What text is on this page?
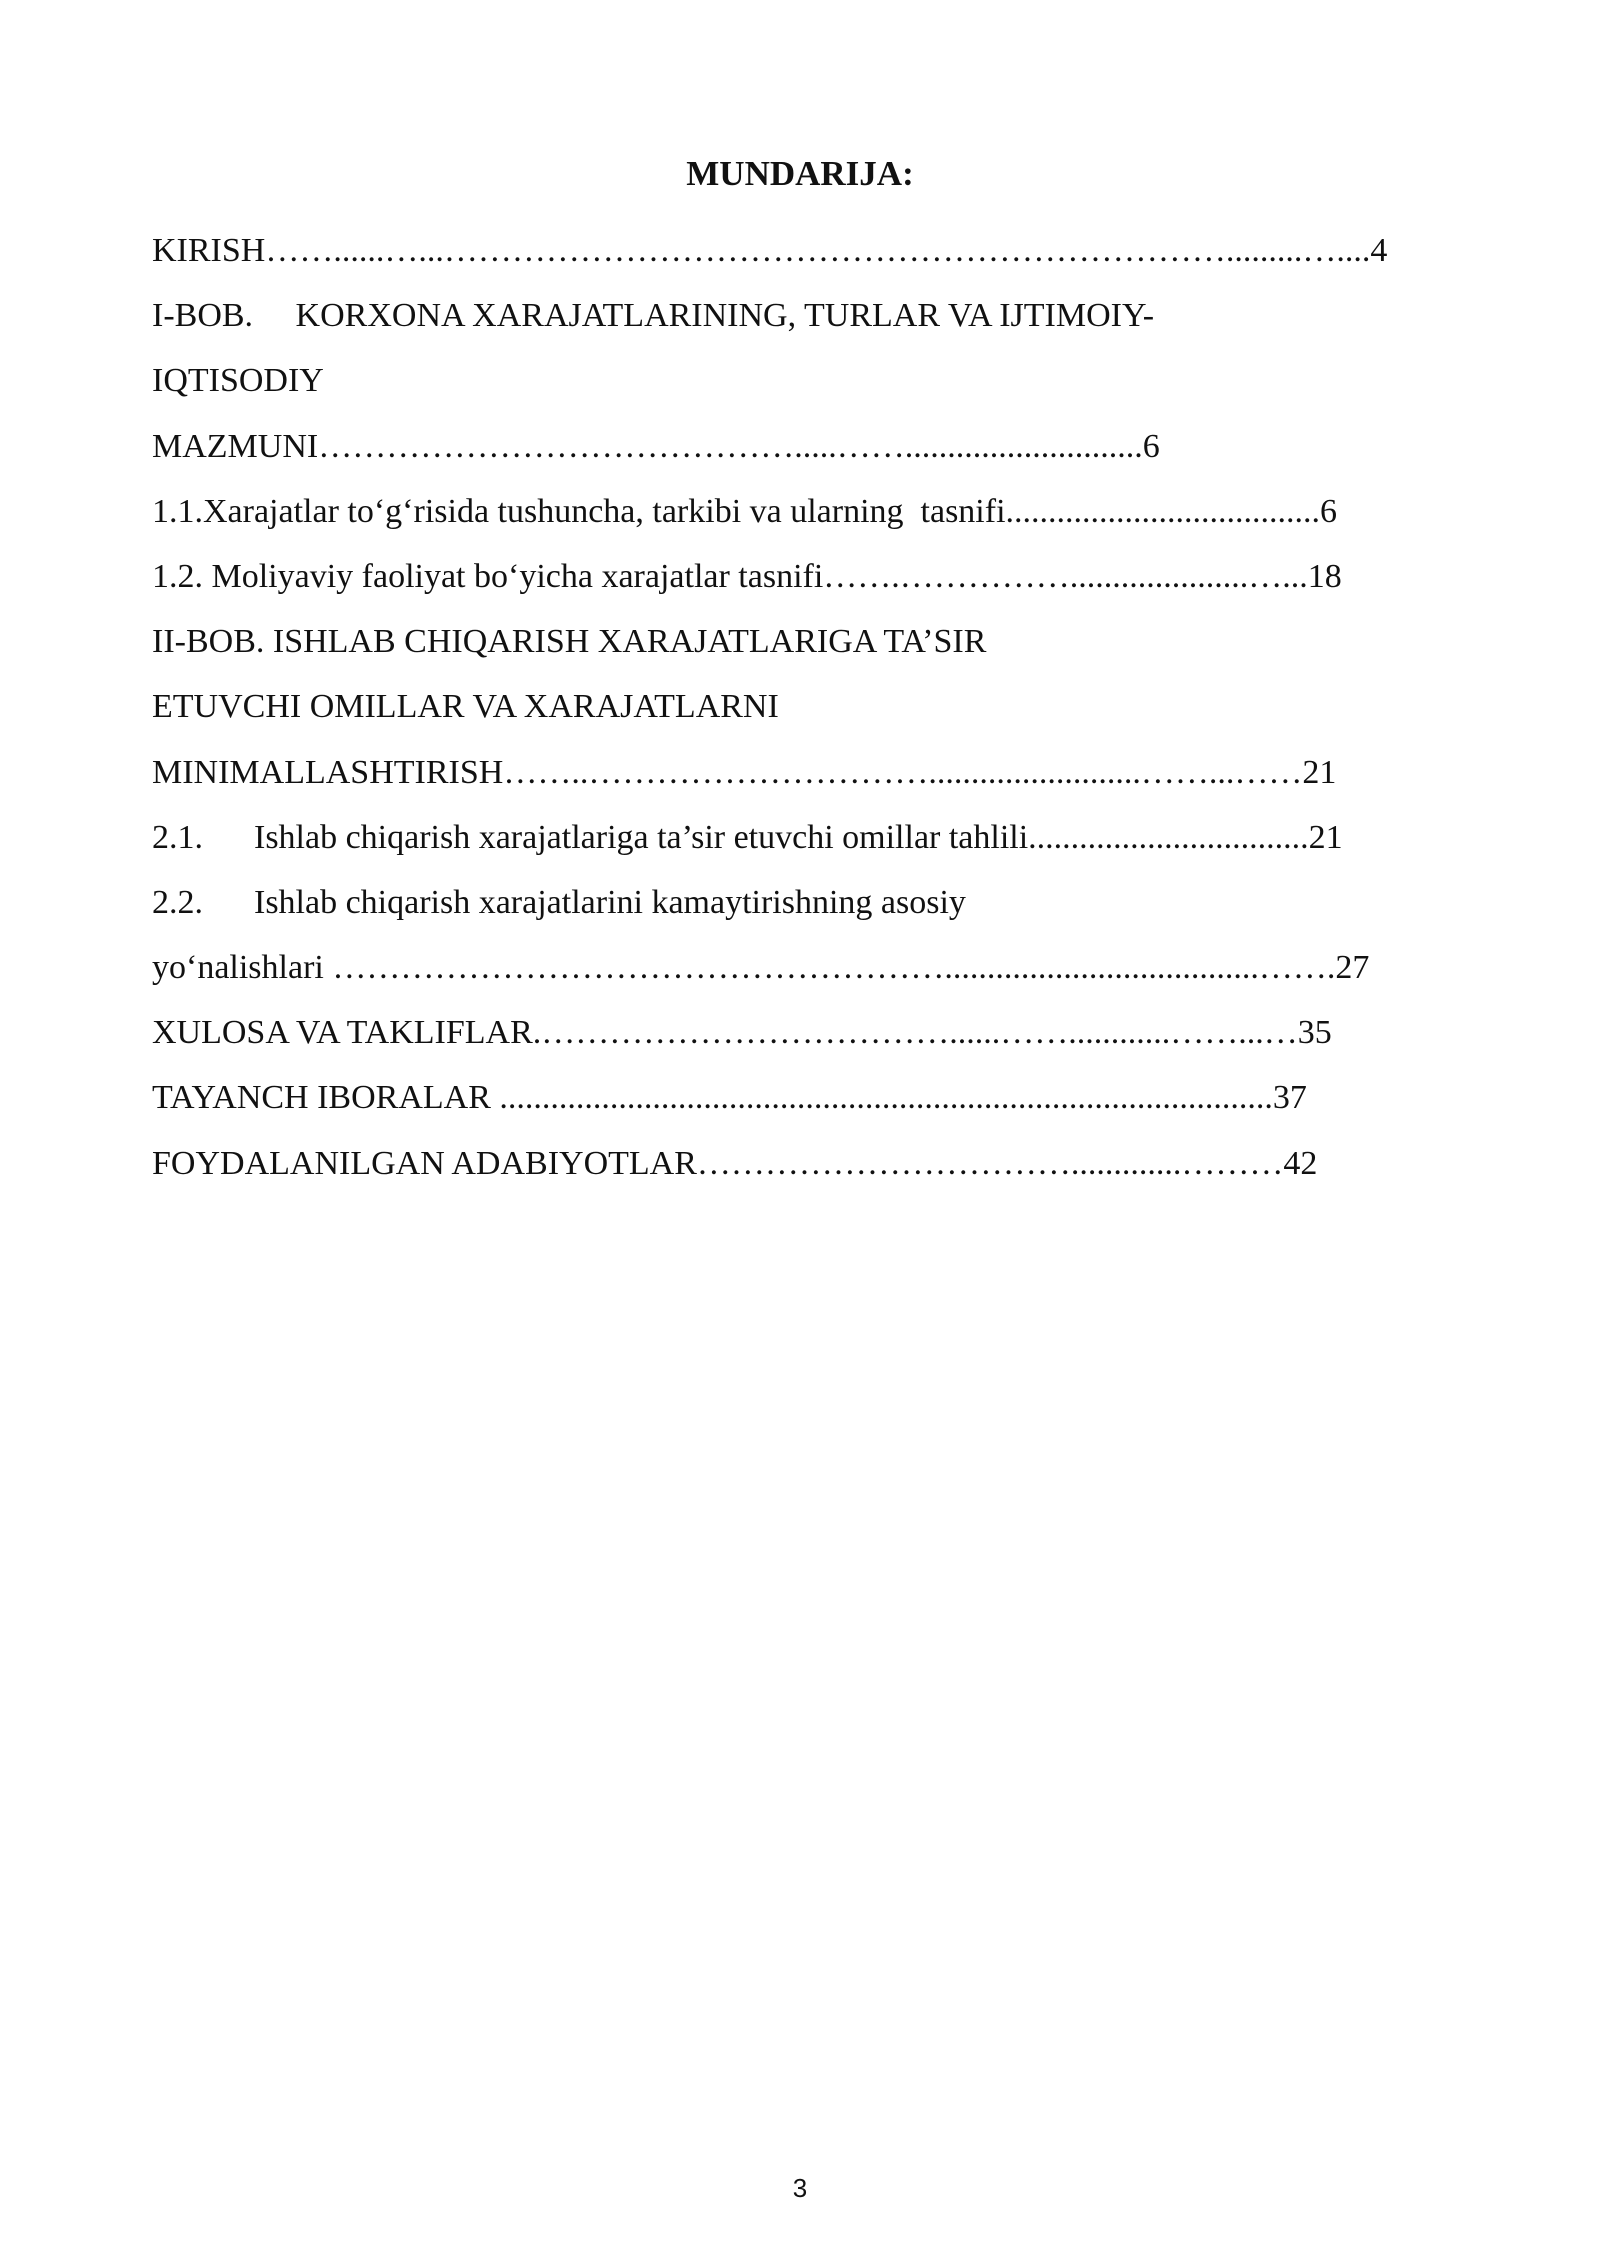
MUNDARIJA:
KIRISH……......…...…………………………………………………………….........…....4
I-BOB.     KORXONA XARAJATLARINING, TURLAR VA IJTIMOIY-
IQTISODIY
MAZMUNI…………………………………….....……............................6
1.1.Xarajatlar to‘g‘risida tushuncha, tarkibi va ularning  tasnifi.....................................6
1.2. Moliyaviy faoliyat bo‘yicha xarajatlar tasnifi…….…………….....................…...18
II-BOB. ISHLAB CHIQARISH XARAJATLARIGA TA’SIR
ETUVCHI OMILLAR VA XARAJATLARNI
MINIMALLASHTIRISH……..………………………….........................……...……21
2.1.      Ishlab chiqarish xarajatlariga ta’sir etuvchi omillar tahlili.................................21
2.2.      Ishlab chiqarish xarajatlarini kamaytirishning asosiy
yo‘nalishlari ……………………………………………….....................................…….27
XULOSA VA TAKLIFLAR.………………………………......……............……...…35
TAYANCH IBORALAR ...........................................................................................37
FOYDALANILGAN ADABIYOTLAR…………………………….............………42
3
